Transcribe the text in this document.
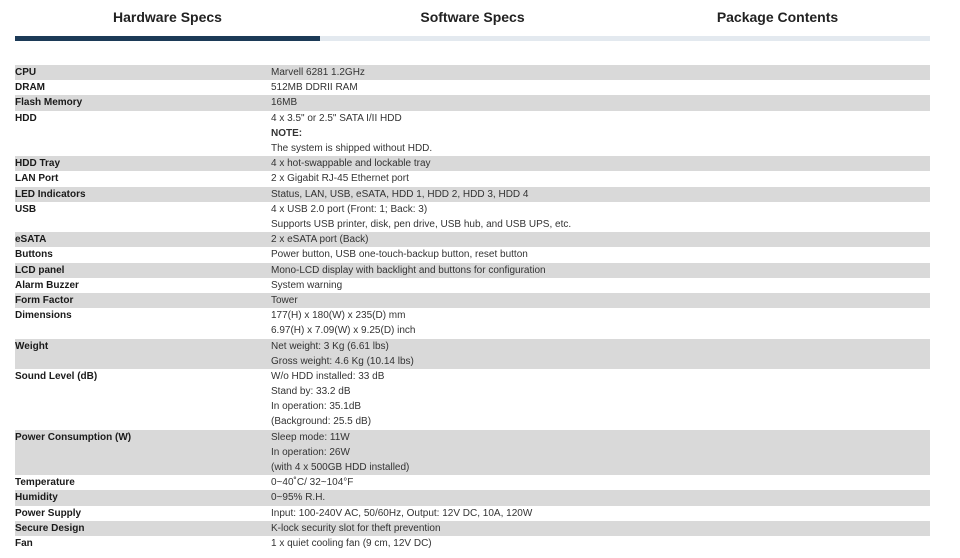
Hardware Specs	Software Specs	Package Contents
CPU	Marvell 6281 1.2GHz

DRAM	512MB DDRII RAM

Flash Memory	16MB

HDD	4 x 3.5" or 2.5" SATA I/II HDD
NOTE:
The system is shipped without HDD.

HDD Tray	4 x hot-swappable and lockable tray

LAN Port	2 x Gigabit RJ-45 Ethernet port

LED Indicators	Status, LAN, USB, eSATA, HDD 1, HDD 2, HDD 3, HDD 4

USB	4 x USB 2.0 port (Front: 1; Back: 3)
Supports USB printer, disk, pen drive, USB hub, and USB UPS, etc.

eSATA	2 x eSATA port (Back)

Buttons	Power button, USB one-touch-backup button, reset button

LCD panel	Mono-LCD display with backlight and buttons for configuration

Alarm Buzzer	System warning

Form Factor	Tower

Dimensions	177(H) x 180(W) x 235(D) mm
6.97(H) x 7.09(W) x 9.25(D) inch

Weight	Net weight: 3 Kg (6.61 lbs)
Gross weight: 4.6 Kg (10.14 lbs)

Sound Level (dB)	W/o HDD installed: 33 dB
Stand by: 33.2 dB
In operation: 35.1dB
(Background: 25.5 dB)

Power Consumption (W)	Sleep mode: 11W
In operation: 26W
(with 4 x 500GB HDD installed)

Temperature	0~40˚C/ 32~104°F

Humidity	0~95% R.H.

Power Supply	Input: 100-240V AC, 50/60Hz, Output: 12V DC, 10A, 120W

Secure Design	K-lock security slot for theft prevention

Fan	1 x quiet cooling fan (9 cm, 12V DC)
